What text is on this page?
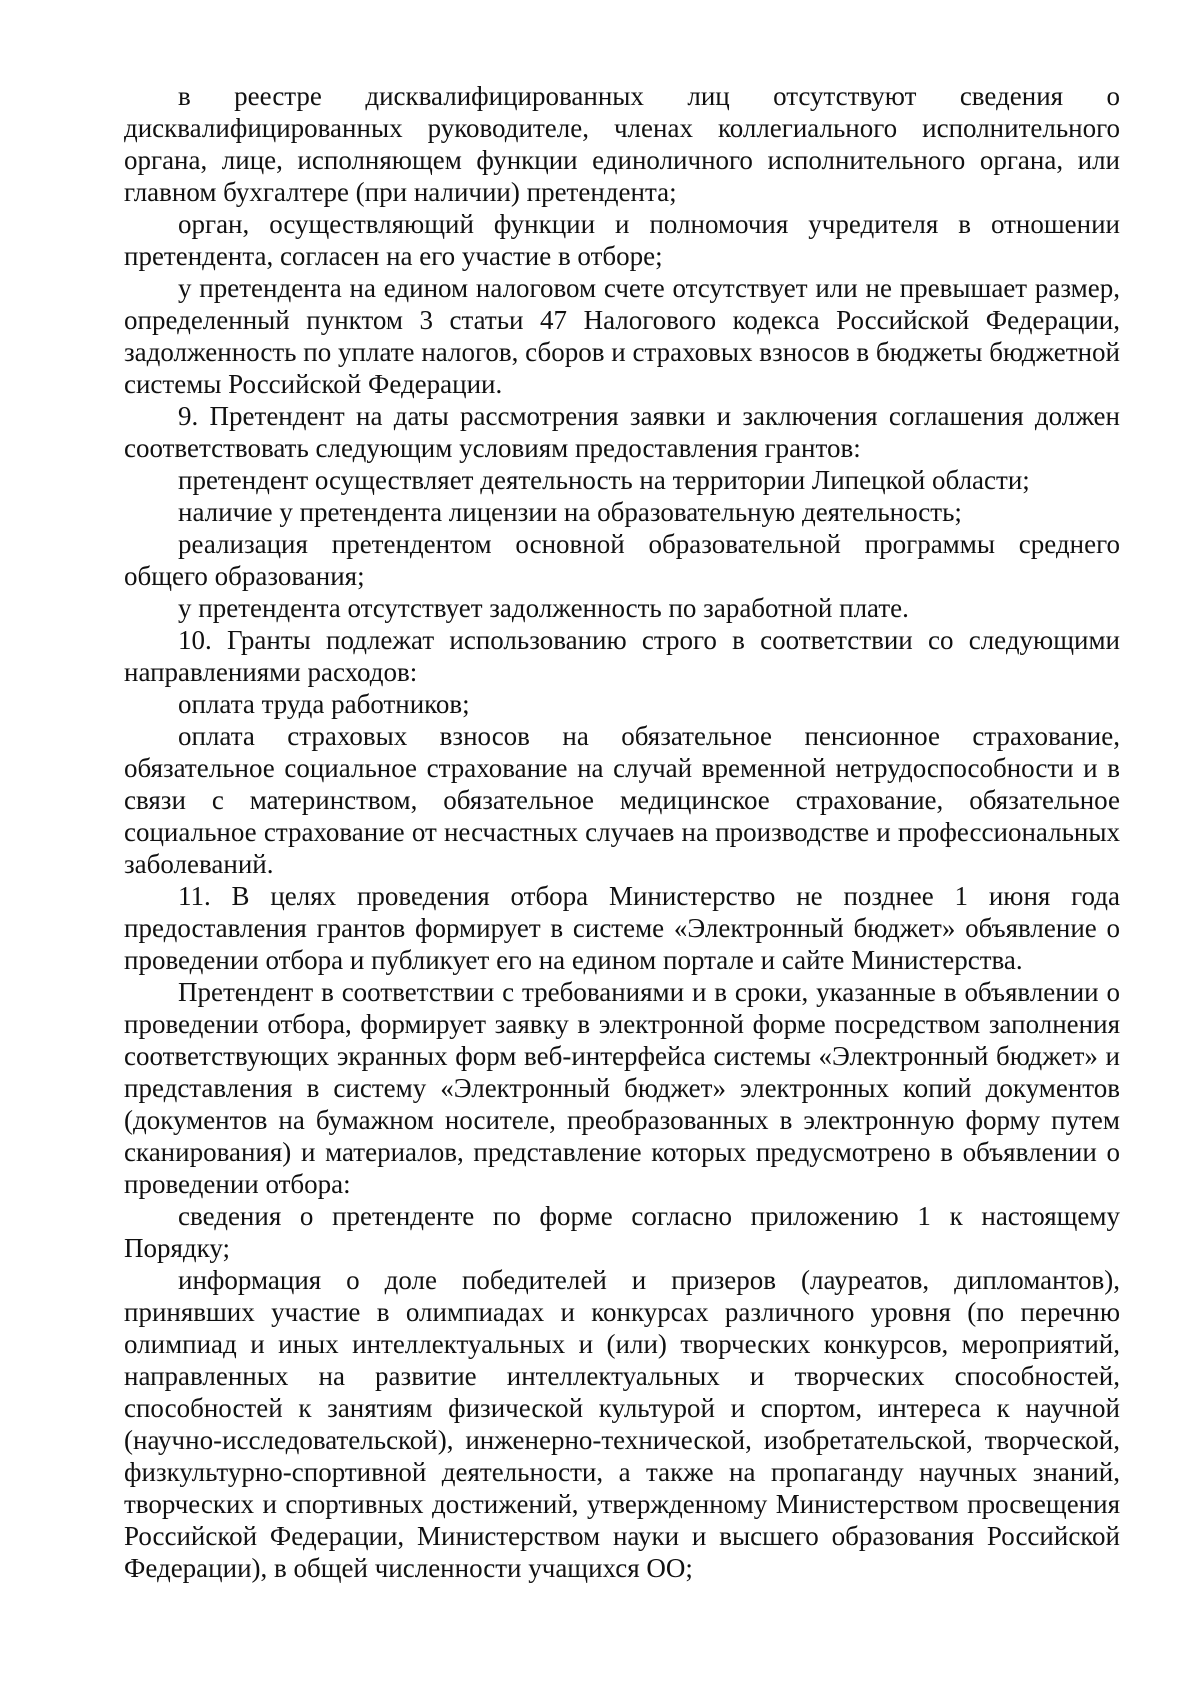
в реестре дисквалифицированных лиц отсутствуют сведения о дисквалифицированных руководителе, членах коллегиального исполнительного органа, лице, исполняющем функции единоличного исполнительного органа, или главном бухгалтере (при наличии) претендента;

орган, осуществляющий функции и полномочия учредителя в отношении претендента, согласен на его участие в отборе;

у претендента на едином налоговом счете отсутствует или не превышает размер, определенный пунктом 3 статьи 47 Налогового кодекса Российской Федерации, задолженность по уплате налогов, сборов и страховых взносов в бюджеты бюджетной системы Российской Федерации.

9. Претендент на даты рассмотрения заявки и заключения соглашения должен соответствовать следующим условиям предоставления грантов:

претендент осуществляет деятельность на территории Липецкой области;

наличие у претендента лицензии на образовательную деятельность;

реализация претендентом основной образовательной программы среднего общего образования;

у претендента отсутствует задолженность по заработной плате.

10. Гранты подлежат использованию строго в соответствии со следующими направлениями расходов:

оплата труда работников;

оплата страховых взносов на обязательное пенсионное страхование, обязательное социальное страхование на случай временной нетрудоспособности и в связи с материнством, обязательное медицинское страхование, обязательное социальное страхование от несчастных случаев на производстве и профессиональных заболеваний.

11. В целях проведения отбора Министерство не позднее 1 июня года предоставления грантов формирует в системе «Электронный бюджет» объявление о проведении отбора и публикует его на едином портале и сайте Министерства.

Претендент в соответствии с требованиями и в сроки, указанные в объявлении о проведении отбора, формирует заявку в электронной форме посредством заполнения соответствующих экранных форм веб-интерфейса системы «Электронный бюджет» и представления в систему «Электронный бюджет» электронных копий документов (документов на бумажном носителе, преобразованных в электронную форму путем сканирования) и материалов, представление которых предусмотрено в объявлении о проведении отбора:

сведения о претенденте по форме согласно приложению 1 к настоящему Порядку;

информация о доле победителей и призеров (лауреатов, дипломантов), принявших участие в олимпиадах и конкурсах различного уровня (по перечню олимпиад и иных интеллектуальных и (или) творческих конкурсов, мероприятий, направленных на развитие интеллектуальных и творческих способностей, способностей к занятиям физической культурой и спортом, интереса к научной (научно-исследовательской), инженерно-технической, изобретательской, творческой, физкультурно-спортивной деятельности, а также на пропаганду научных знаний, творческих и спортивных достижений, утвержденному Министерством просвещения Российской Федерации, Министерством науки и высшего образования Российской Федерации), в общей численности учащихся ОО;
